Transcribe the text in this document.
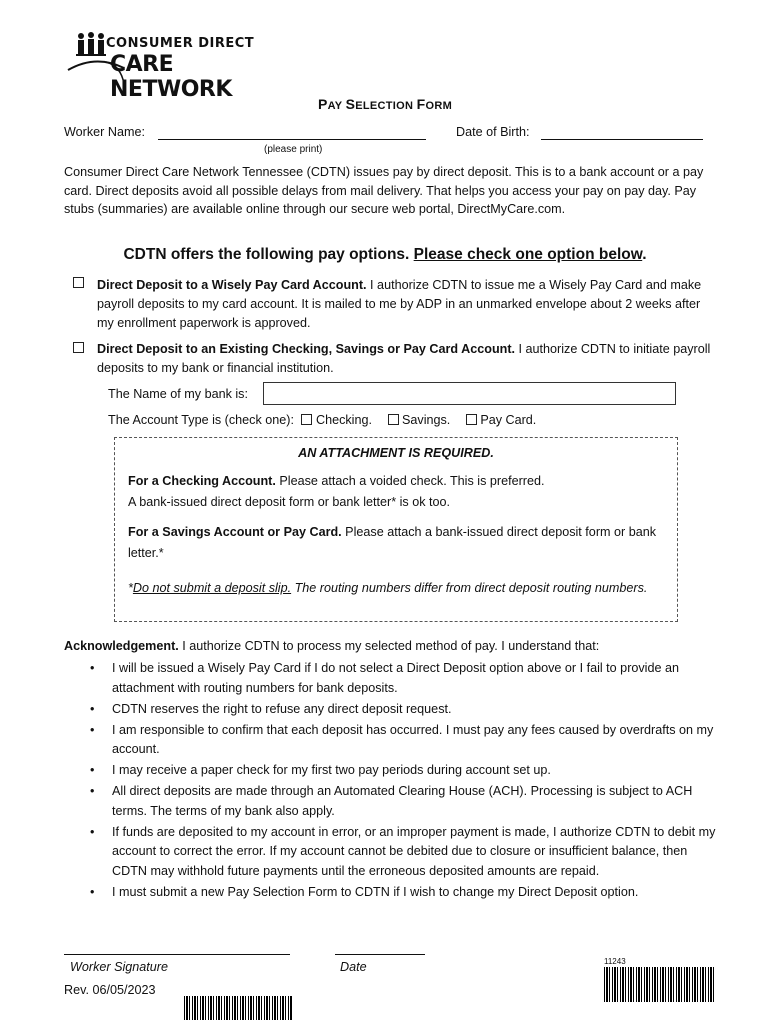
CONSUMER DIRECT
CARE NETWORK
PAY SELECTION FORM
Worker Name:
(please print)
Date of Birth:
Consumer Direct Care Network Tennessee (CDTN) issues pay by direct deposit. This is to a bank account or a pay card. Direct deposits avoid all possible delays from mail delivery. That helps you access your pay on pay day. Pay stubs (summaries) are available online through our secure web portal, DirectMyCare.com.
CDTN offers the following pay options. Please check one option below.
Direct Deposit to a Wisely Pay Card Account. I authorize CDTN to issue me a Wisely Pay Card and make payroll deposits to my card account. It is mailed to me by ADP in an unmarked envelope about 2 weeks after my enrollment paperwork is approved.
Direct Deposit to an Existing Checking, Savings or Pay Card Account. I authorize CDTN to initiate payroll deposits to my bank or financial institution.
The Name of my bank is:
The Account Type is (check one): Checking. Savings. Pay Card.
AN ATTACHMENT IS REQUIRED.
For a Checking Account. Please attach a voided check. This is preferred.
A bank-issued direct deposit form or bank letter* is ok too.
For a Savings Account or Pay Card. Please attach a bank-issued direct deposit form or bank letter.*
*Do not submit a deposit slip. The routing numbers differ from direct deposit routing numbers.
Acknowledgement. I authorize CDTN to process my selected method of pay. I understand that:
• I will be issued a Wisely Pay Card if I do not select a Direct Deposit option above or I fail to provide an attachment with routing numbers for bank deposits.
• CDTN reserves the right to refuse any direct deposit request.
• I am responsible to confirm that each deposit has occurred. I must pay any fees caused by overdrafts on my account.
• I may receive a paper check for my first two pay periods during account set up.
• All direct deposits are made through an Automated Clearing House (ACH). Processing is subject to ACH terms. The terms of my bank also apply.
• If funds are deposited to my account in error, or an improper payment is made, I authorize CDTN to debit my account to correct the error. If my account cannot be debited due to closure or insufficient balance, then CDTN may withhold future payments until the erroneous deposited amounts are repaid.
• I must submit a new Pay Selection Form to CDTN if I wish to change my Direct Deposit option.
Worker Signature	Date
Rev. 06/05/2023
11243
